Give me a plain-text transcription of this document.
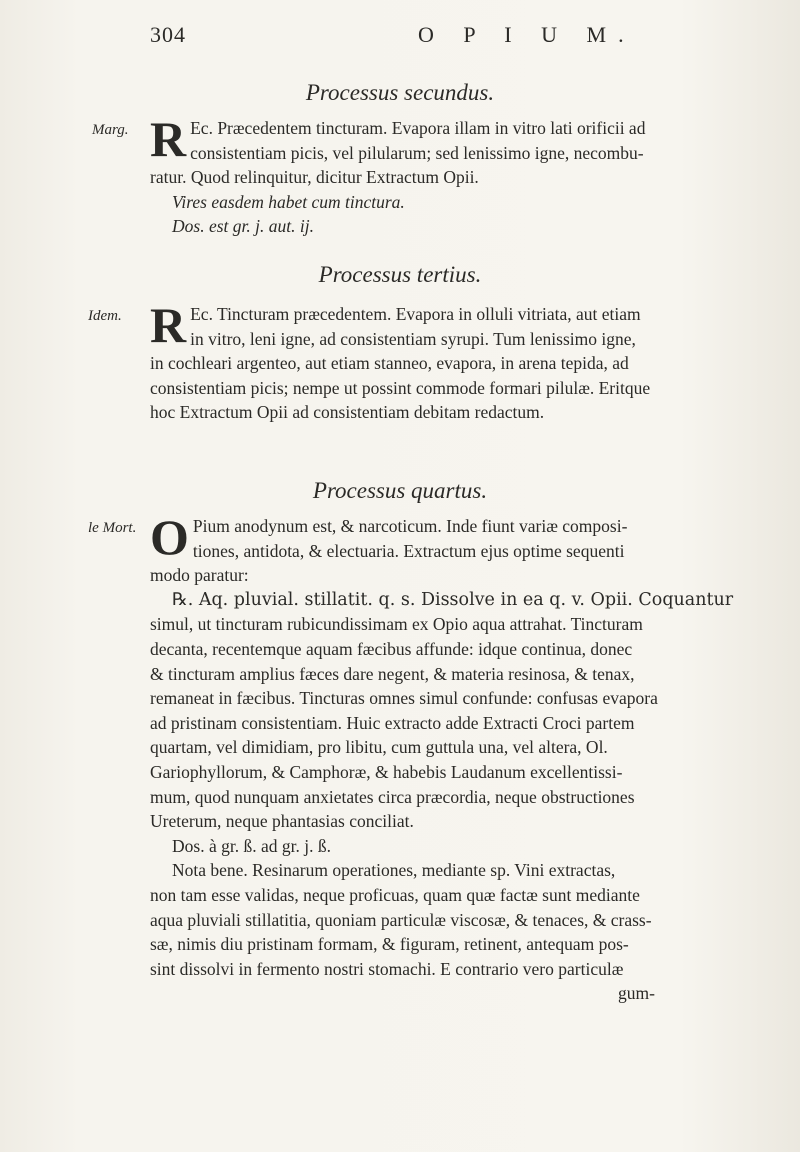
304	O P I U M.
Processus secundus.
Marg. R Ec. Præcedentem tincturam. Evapora illam in vitro lati orificii ad
consistentiam picis, vel pilularum; sed lenissimo igne, necombu-
ratur. Quod relinquitur, dicitur Extractum Opii.
Vires easdem habet cum tinctura.
Dos. est gr. j. aut. ij.
Processus tertius.
Idem. R Ec. Tincturam præcedentem. Evapora in olluli vitriata, aut etiam
in vitro, leni igne, ad consistentiam syrupi. Tum lenissimo igne,
in cochleari argenteo, aut etiam stanneo, evapora, in arena tepida, ad
consistentiam picis; nempe ut possint commode formari pilulæ. Eritque
hoc Extractum Opii ad consistentiam debitam redactum.
Processus quartus.
le Mort. O Pium anodynum est, & narcoticum. Inde fiunt variæ composi-
tiones, antidota, & electuaria. Extractum ejus optime sequenti
modo paratur:
℞. Aq. pluvial. stillatit. q. s. Dissolve in ea q. v. Opii. Coquantur
simul, ut tincturam rubicundissimam ex Opio aqua attrahat. Tincturam
decanta, recentemque aquam fæcibus affunde: idque continua, donec
& tincturam amplius fæces dare negent, & materia resinosa, & tenax,
remaneat in fæcibus. Tincturas omnes simul confunde: confusas evapora
ad pristinam consistentiam. Huic extracto adde Extracti Croci partem
quartam, vel dimidiam, pro libitu, cum guttula una, vel altera, Ol.
Gariophyllorum, & Camphoræ, & habebis Laudanum excellentissi-
mum, quod nunquam anxietates circa præcordia, neque obstructiones
Ureterum, neque phantasias conciliat.
Dos. à gr. ß. ad gr. j. ß.
Nota bene. Resinarum operationes, mediante sp. Vini extractas,
non tam esse validas, neque proficuas, quam quæ factæ sunt mediante
aqua pluviali stillatitia, quoniam particulæ viscosæ, & tenaces, & crass-
sæ, nimis diu pristinam formam, & figuram, retinent, antequam pos-
sint dissolvi in fermento nostri stomachi. E contrario vero particulæ
gum-
